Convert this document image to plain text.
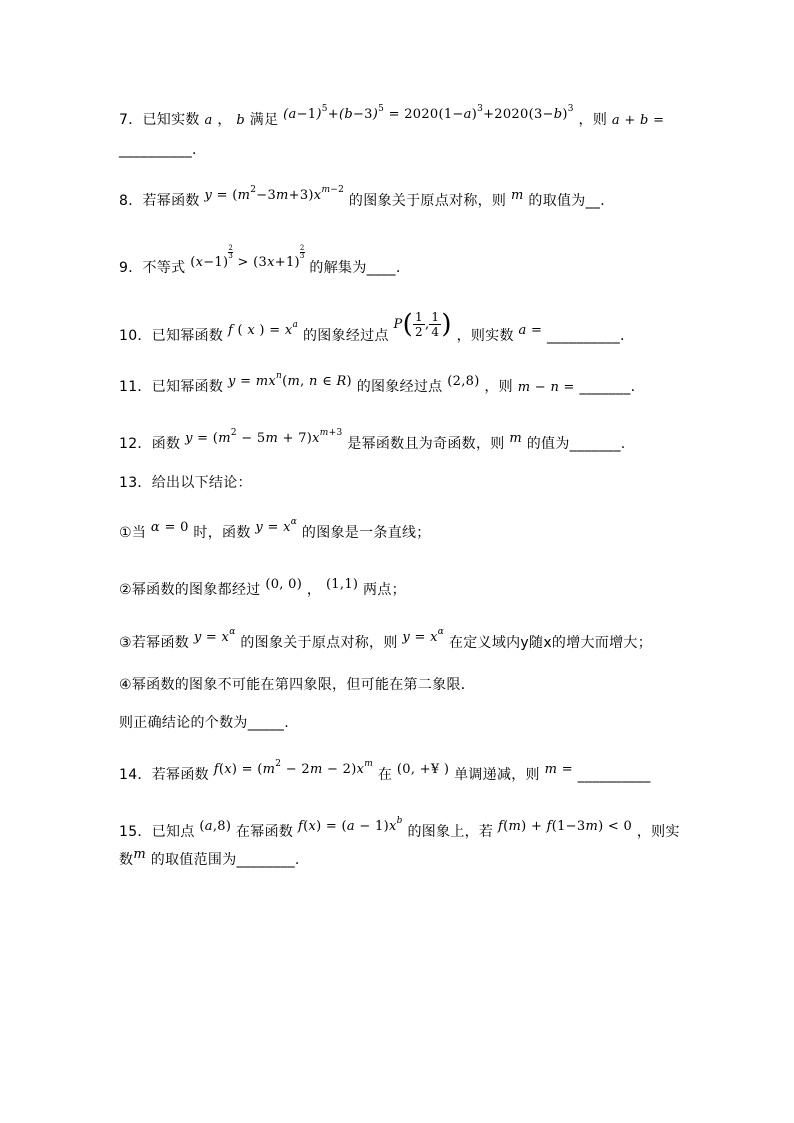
7．已知实数 a ， b 满足 $(a-1)^5+(b-3)^5 = 2020(1-a)^3+2020(3-b)^3$ ，则 a + b =
__________.
8．若幂函数 $y = (m^2-3m+3)x^{m-2}$ 的图象关于原点对称，则 m 的取值为__.
9．不等式 (x−1)
$\frac{2}{3}$
> (3x+1)
$\frac{2}{3}$
的解集为____.
10．已知幂函数 f ( x ) = $x^a$ 的图象经过点 $P( \frac{1}{2}$ , $\frac{1}{4}$ ) ，则实数 a = __________.
11．已知幂函数 $y = mx^n(m$, n ∈ R) 的图象经过点 (2,8) ，则 m − n = _______.
12．函数 $y = (m^2 - 5m + 7)x^{m+3}$ 是幂函数且为奇函数，则 m 的值为_______.
13．给出以下结论：
①当 α = 0 时，函数 $y = x^\alpha$ 的图象是一条直线；
②幂函数的图象都经过 (0, 0) ， (1,1) 两点；
③若幂函数 $y = x^\alpha$ 的图象关于原点对称，则 $y = x^\alpha$ 在定义域内y随x的增大而增大；
④幂函数的图象不可能在第四象限，但可能在第二象限．
则正确结论的个数为_____.
14．若幂函数 $f(x) = (m^2 - 2m - 2)x^m$ 在 (0, +¥ ) 单调递减，则 m = __________
15．已知点 (a,8) 在幂函数 $f(x) = (a - 1)x^b$ 的图象上，若 f(m) + f(1−3m) < 0 ，则实
数m 的取值范围为________.
